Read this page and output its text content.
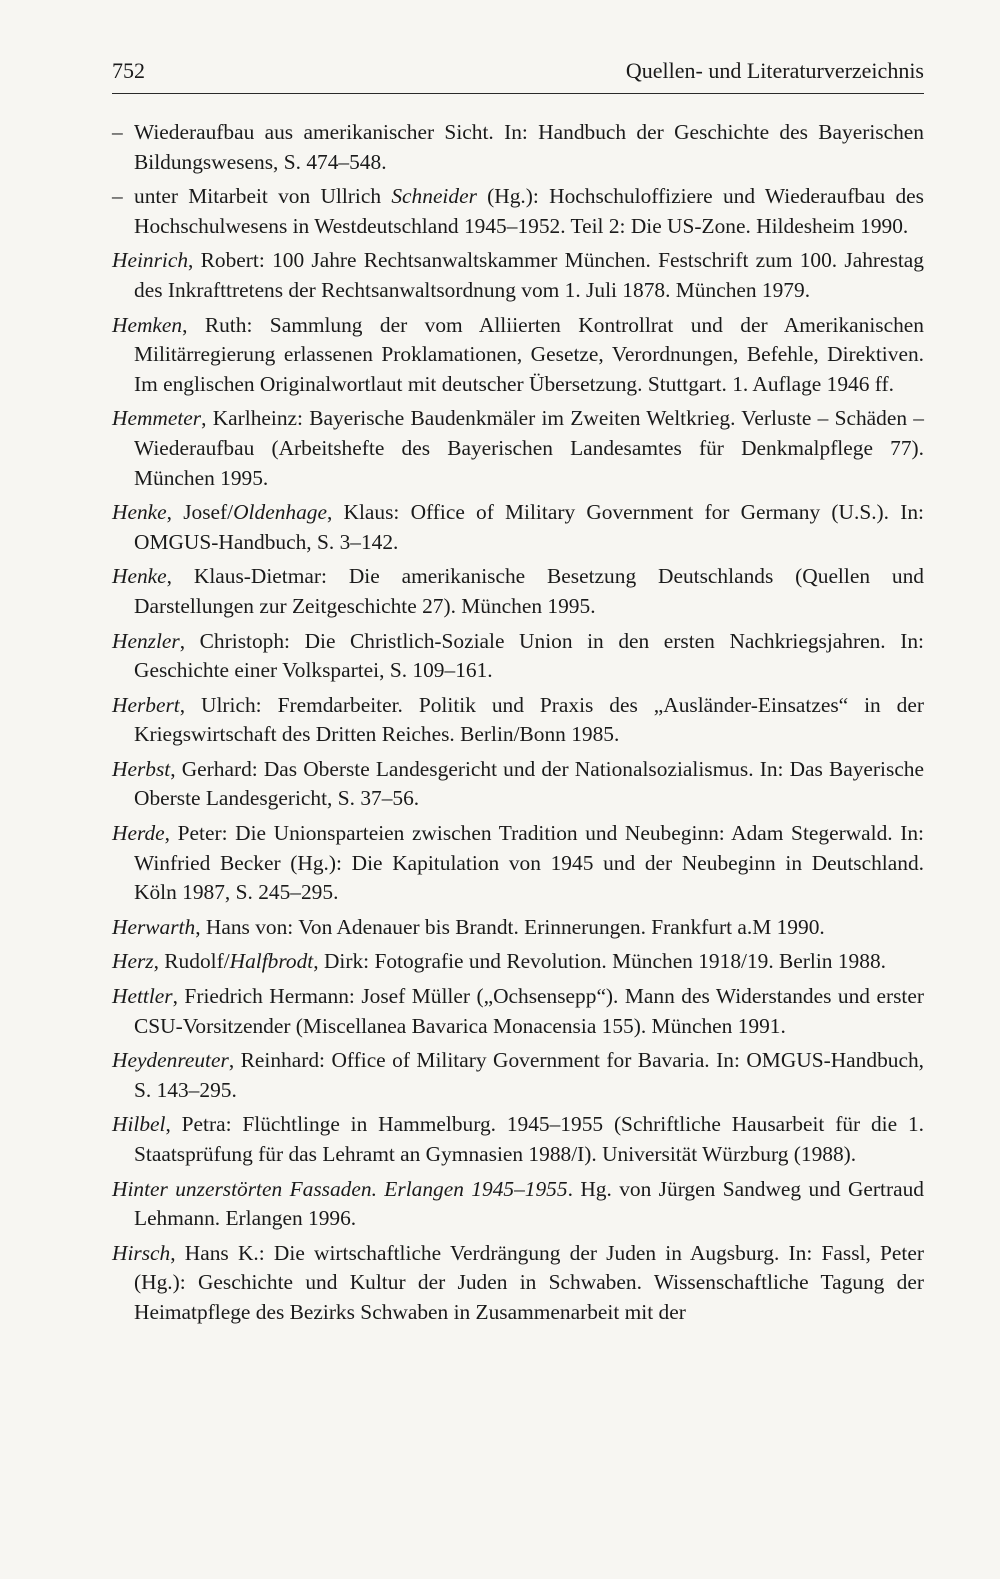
752	Quellen- und Literaturverzeichnis

– Wiederaufbau aus amerikanischer Sicht. In: Handbuch der Geschichte des Bayerischen Bildungswesens, S. 474–548.

– unter Mitarbeit von Ullrich Schneider (Hg.): Hochschuloffiziere und Wiederaufbau des Hochschulwesens in Westdeutschland 1945–1952. Teil 2: Die US-Zone. Hildesheim 1990.

Heinrich, Robert: 100 Jahre Rechtsanwaltskammer München. Festschrift zum 100. Jahrestag des Inkrafttretens der Rechtsanwaltsordnung vom 1. Juli 1878. München 1979.

Hemken, Ruth: Sammlung der vom Alliierten Kontrollrat und der Amerikanischen Militärregierung erlassenen Proklamationen, Gesetze, Verordnungen, Befehle, Direktiven. Im englischen Originalwortlaut mit deutscher Übersetzung. Stuttgart. 1. Auflage 1946 ff.

Hemmeter, Karlheinz: Bayerische Baudenkmäler im Zweiten Weltkrieg. Verluste – Schäden – Wiederaufbau (Arbeitshefte des Bayerischen Landesamtes für Denkmalpflege 77). München 1995.

Henke, Josef/Oldenhage, Klaus: Office of Military Government for Germany (U.S.). In: OMGUS-Handbuch, S. 3–142.

Henke, Klaus-Dietmar: Die amerikanische Besetzung Deutschlands (Quellen und Darstellungen zur Zeitgeschichte 27). München 1995.

Henzler, Christoph: Die Christlich-Soziale Union in den ersten Nachkriegsjahren. In: Geschichte einer Volkspartei, S. 109–161.

Herbert, Ulrich: Fremdarbeiter. Politik und Praxis des „Ausländer-Einsatzes“ in der Kriegswirtschaft des Dritten Reiches. Berlin/Bonn 1985.

Herbst, Gerhard: Das Oberste Landesgericht und der Nationalsozialismus. In: Das Bayerische Oberste Landesgericht, S. 37–56.

Herde, Peter: Die Unionsparteien zwischen Tradition und Neubeginn: Adam Stegerwald. In: Winfried Becker (Hg.): Die Kapitulation von 1945 und der Neubeginn in Deutschland. Köln 1987, S. 245–295.

Herwarth, Hans von: Von Adenauer bis Brandt. Erinnerungen. Frankfurt a.M 1990.

Herz, Rudolf/Halfbrodt, Dirk: Fotografie und Revolution. München 1918/19. Berlin 1988.

Hettler, Friedrich Hermann: Josef Müller („Ochsensepp“). Mann des Widerstandes und erster CSU-Vorsitzender (Miscellanea Bavarica Monacensia 155). München 1991.

Heydenreuter, Reinhard: Office of Military Government for Bavaria. In: OMGUS-Handbuch, S. 143–295.

Hilbel, Petra: Flüchtlinge in Hammelburg. 1945–1955 (Schriftliche Hausarbeit für die 1. Staatsprüfung für das Lehramt an Gymnasien 1988/I). Universität Würzburg (1988).

Hinter unzerstörten Fassaden. Erlangen 1945–1955. Hg. von Jürgen Sandweg und Gertraud Lehmann. Erlangen 1996.

Hirsch, Hans K.: Die wirtschaftliche Verdrängung der Juden in Augsburg. In: Fassl, Peter (Hg.): Geschichte und Kultur der Juden in Schwaben. Wissenschaftliche Tagung der Heimatpflege des Bezirks Schwaben in Zusammenarbeit mit der
